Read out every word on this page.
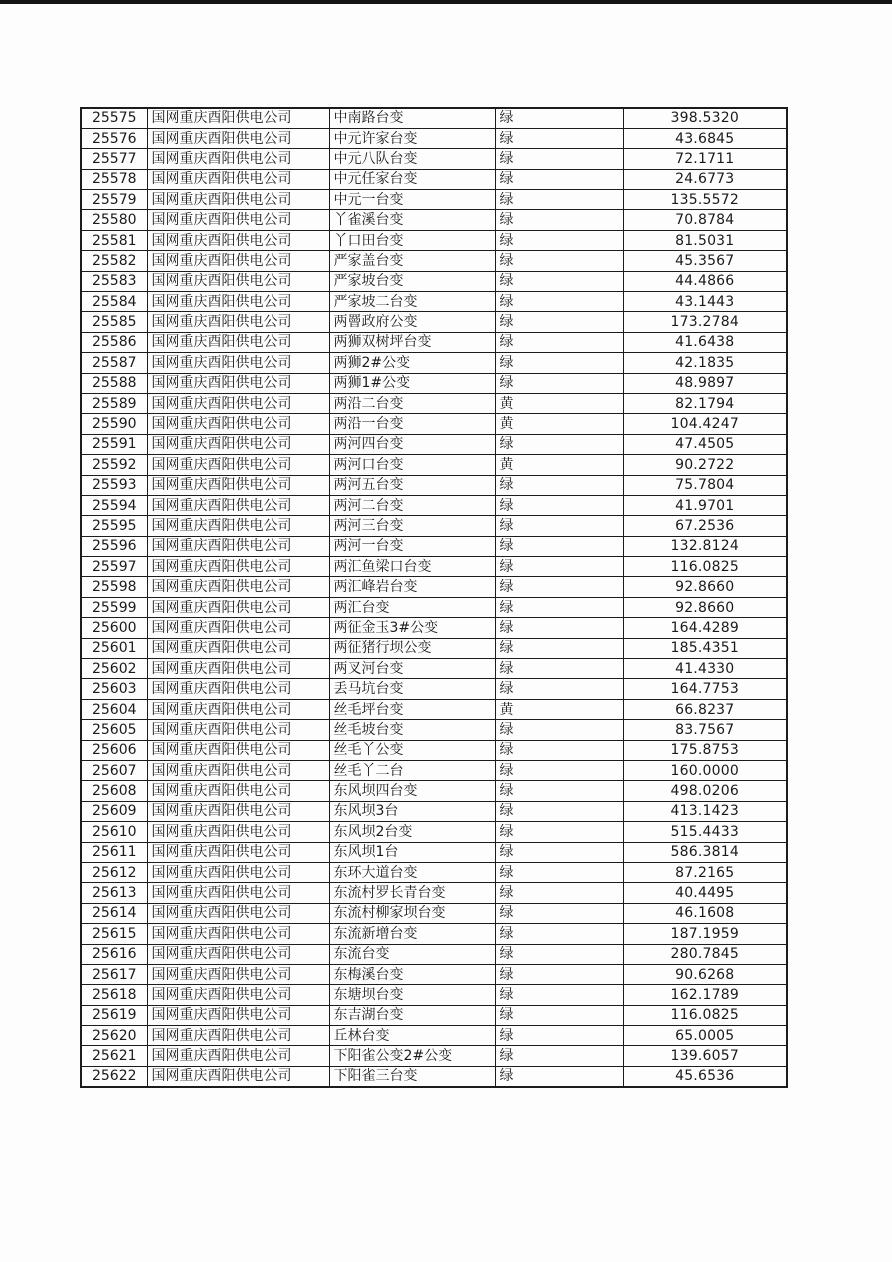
25575	国网重庆酉阳供电公司	中南路台变	绿	398.5320
25576	国网重庆酉阳供电公司	中元许家台变	绿	43.6845
25577	国网重庆酉阳供电公司	中元八队台变	绿	72.1711
25578	国网重庆酉阳供电公司	中元任家台变	绿	24.6773
25579	国网重庆酉阳供电公司	中元一台变	绿	135.5572
25580	国网重庆酉阳供电公司	丫雀溪台变	绿	70.8784
25581	国网重庆酉阳供电公司	丫口田台变	绿	81.5031
25582	国网重庆酉阳供电公司	严家盖台变	绿	45.3567
25583	国网重庆酉阳供电公司	严家坡台变	绿	44.4866
25584	国网重庆酉阳供电公司	严家坡二台变	绿	43.1443
25585	国网重庆酉阳供电公司	两罾政府公变	绿	173.2784
25586	国网重庆酉阳供电公司	两狮双树坪台变	绿	41.6438
25587	国网重庆酉阳供电公司	两狮2#公变	绿	42.1835
25588	国网重庆酉阳供电公司	两狮1#公变	绿	48.9897
25589	国网重庆酉阳供电公司	两沿二台变	黄	82.1794
25590	国网重庆酉阳供电公司	两沿一台变	黄	104.4247
25591	国网重庆酉阳供电公司	两河四台变	绿	47.4505
25592	国网重庆酉阳供电公司	两河口台变	黄	90.2722
25593	国网重庆酉阳供电公司	两河五台变	绿	75.7804
25594	国网重庆酉阳供电公司	两河二台变	绿	41.9701
25595	国网重庆酉阳供电公司	两河三台变	绿	67.2536
25596	国网重庆酉阳供电公司	两河一台变	绿	132.8124
25597	国网重庆酉阳供电公司	两汇鱼梁口台变	绿	116.0825
25598	国网重庆酉阳供电公司	两汇峰岩台变	绿	92.8660
25599	国网重庆酉阳供电公司	两汇台变	绿	92.8660
25600	国网重庆酉阳供电公司	两征金玉3#公变	绿	164.4289
25601	国网重庆酉阳供电公司	两征猪行坝公变	绿	185.4351
25602	国网重庆酉阳供电公司	两叉河台变	绿	41.4330
25603	国网重庆酉阳供电公司	丢马坑台变	绿	164.7753
25604	国网重庆酉阳供电公司	丝毛坪台变	黄	66.8237
25605	国网重庆酉阳供电公司	丝毛坡台变	绿	83.7567
25606	国网重庆酉阳供电公司	丝毛丫公变	绿	175.8753
25607	国网重庆酉阳供电公司	丝毛丫二台	绿	160.0000
25608	国网重庆酉阳供电公司	东风坝四台变	绿	498.0206
25609	国网重庆酉阳供电公司	东风坝3台	绿	413.1423
25610	国网重庆酉阳供电公司	东风坝2台变	绿	515.4433
25611	国网重庆酉阳供电公司	东风坝1台	绿	586.3814
25612	国网重庆酉阳供电公司	东环大道台变	绿	87.2165
25613	国网重庆酉阳供电公司	东流村罗长青台变	绿	40.4495
25614	国网重庆酉阳供电公司	东流村柳家坝台变	绿	46.1608
25615	国网重庆酉阳供电公司	东流新增台变	绿	187.1959
25616	国网重庆酉阳供电公司	东流台变	绿	280.7845
25617	国网重庆酉阳供电公司	东梅溪台变	绿	90.6268
25618	国网重庆酉阳供电公司	东塘坝台变	绿	162.1789
25619	国网重庆酉阳供电公司	东吉湖台变	绿	116.0825
25620	国网重庆酉阳供电公司	丘林台变	绿	65.0005
25621	国网重庆酉阳供电公司	下阳雀公变2#公变	绿	139.6057
25622	国网重庆酉阳供电公司	下阳雀三台变	绿	45.6536
